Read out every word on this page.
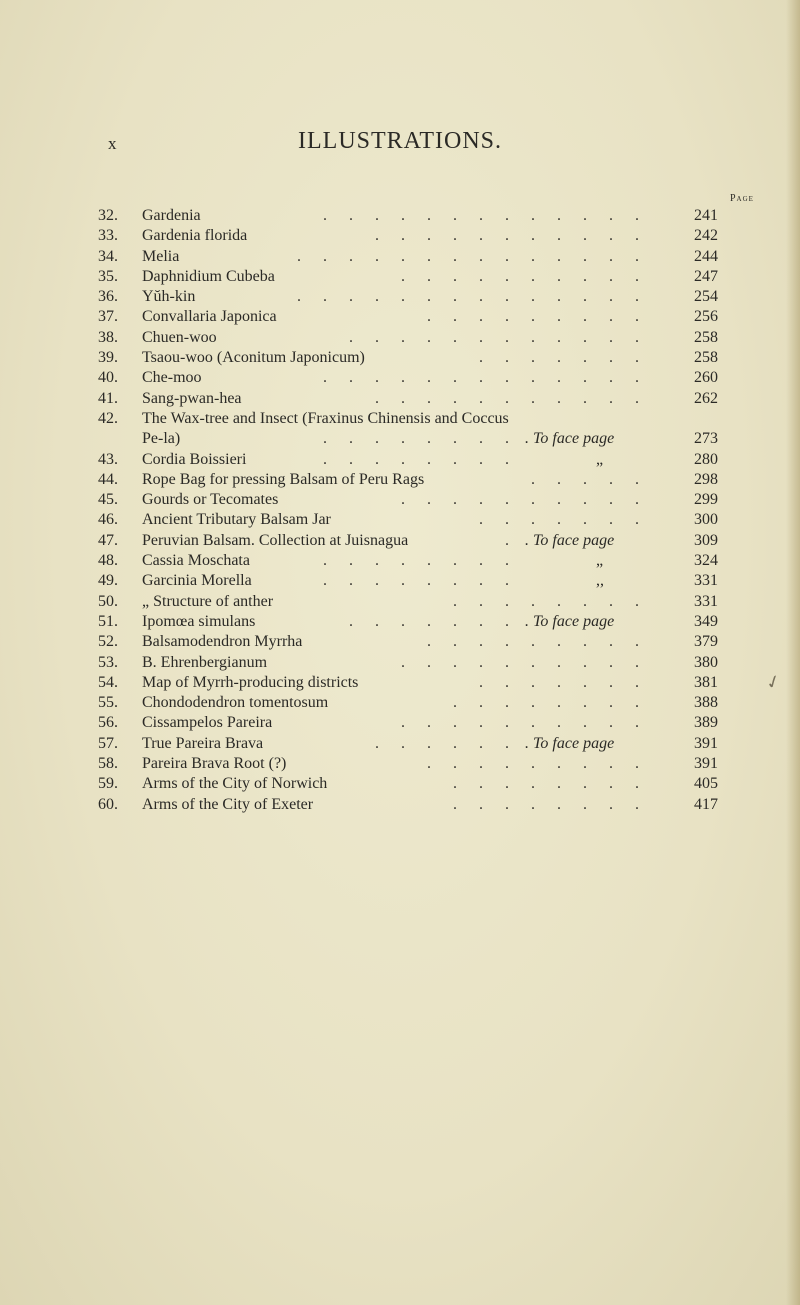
x	ILLUSTRATIONS.
Page
32.	Gardenia	. . . . . . . . . . . . .	241
33.	Gardenia florida	. . . . . . . . . . .	242
34.	Melia	. . . . . . . . . . . . . .	244
35.	Daphnidium Cubeba	. . . . . . . . . .	247
36.	Yŭh-kin	. . . . . . . . . . . . . .	254
37.	Convallaria Japonica	. . . . . . . . .	256
38.	Chuen-woo	. . . . . . . . . . . .	258
39.	Tsaou-woo (Aconitum Japonicum)	. . . . . . .	258
40.	Che-moo	. . . . . . . . . . . . .	260
41.	Sang-pwan-hea	. . . . . . . . . . .	262
42.	The Wax-tree and Insect (Fraxinus Chinensis and Coccus
Pe-la)	. . . . . . . . . To face page	273
43.	Cordia Boissieri	. . . . . . . .	„	280
44.	Rope Bag for pressing Balsam of Peru Rags	. . . . .	298
45.	Gourds or Tecomates	. . . . . . . . . .	299
46.	Ancient Tributary Balsam Jar	. . . . . . .	300
47.	Peruvian Balsam. Collection at Juisnagua	. . To face page	309
48.	Cassia Moschata	. . . . . . . .	„	324
49.	Garcinia Morella	. . . . . . . .	,,	331
50.	„ Structure of anther	. . . . . . . .	331
51.	Ipomœa simulans	. . . . . . . . To face page	349
52.	Balsamodendron Myrrha	. . . . . . . . .	379
53.	B. Ehrenbergianum	. . . . . . . . . .	380
54.	Map of Myrrh-producing districts	. . . . . . .	381
55.	Chondodendron tomentosum	. . . . . . . .	388
56.	Cissampelos Pareira	. . . . . . . . . .	389
57.	True Pareira Brava	. . . . . . . To face page	391
58.	Pareira Brava Root (?)	. . . . . . . . .	391
59.	Arms of the City of Norwich	. . . . . . . .	405
60.	Arms of the City of Exeter	. . . . . . . .	417
✓
